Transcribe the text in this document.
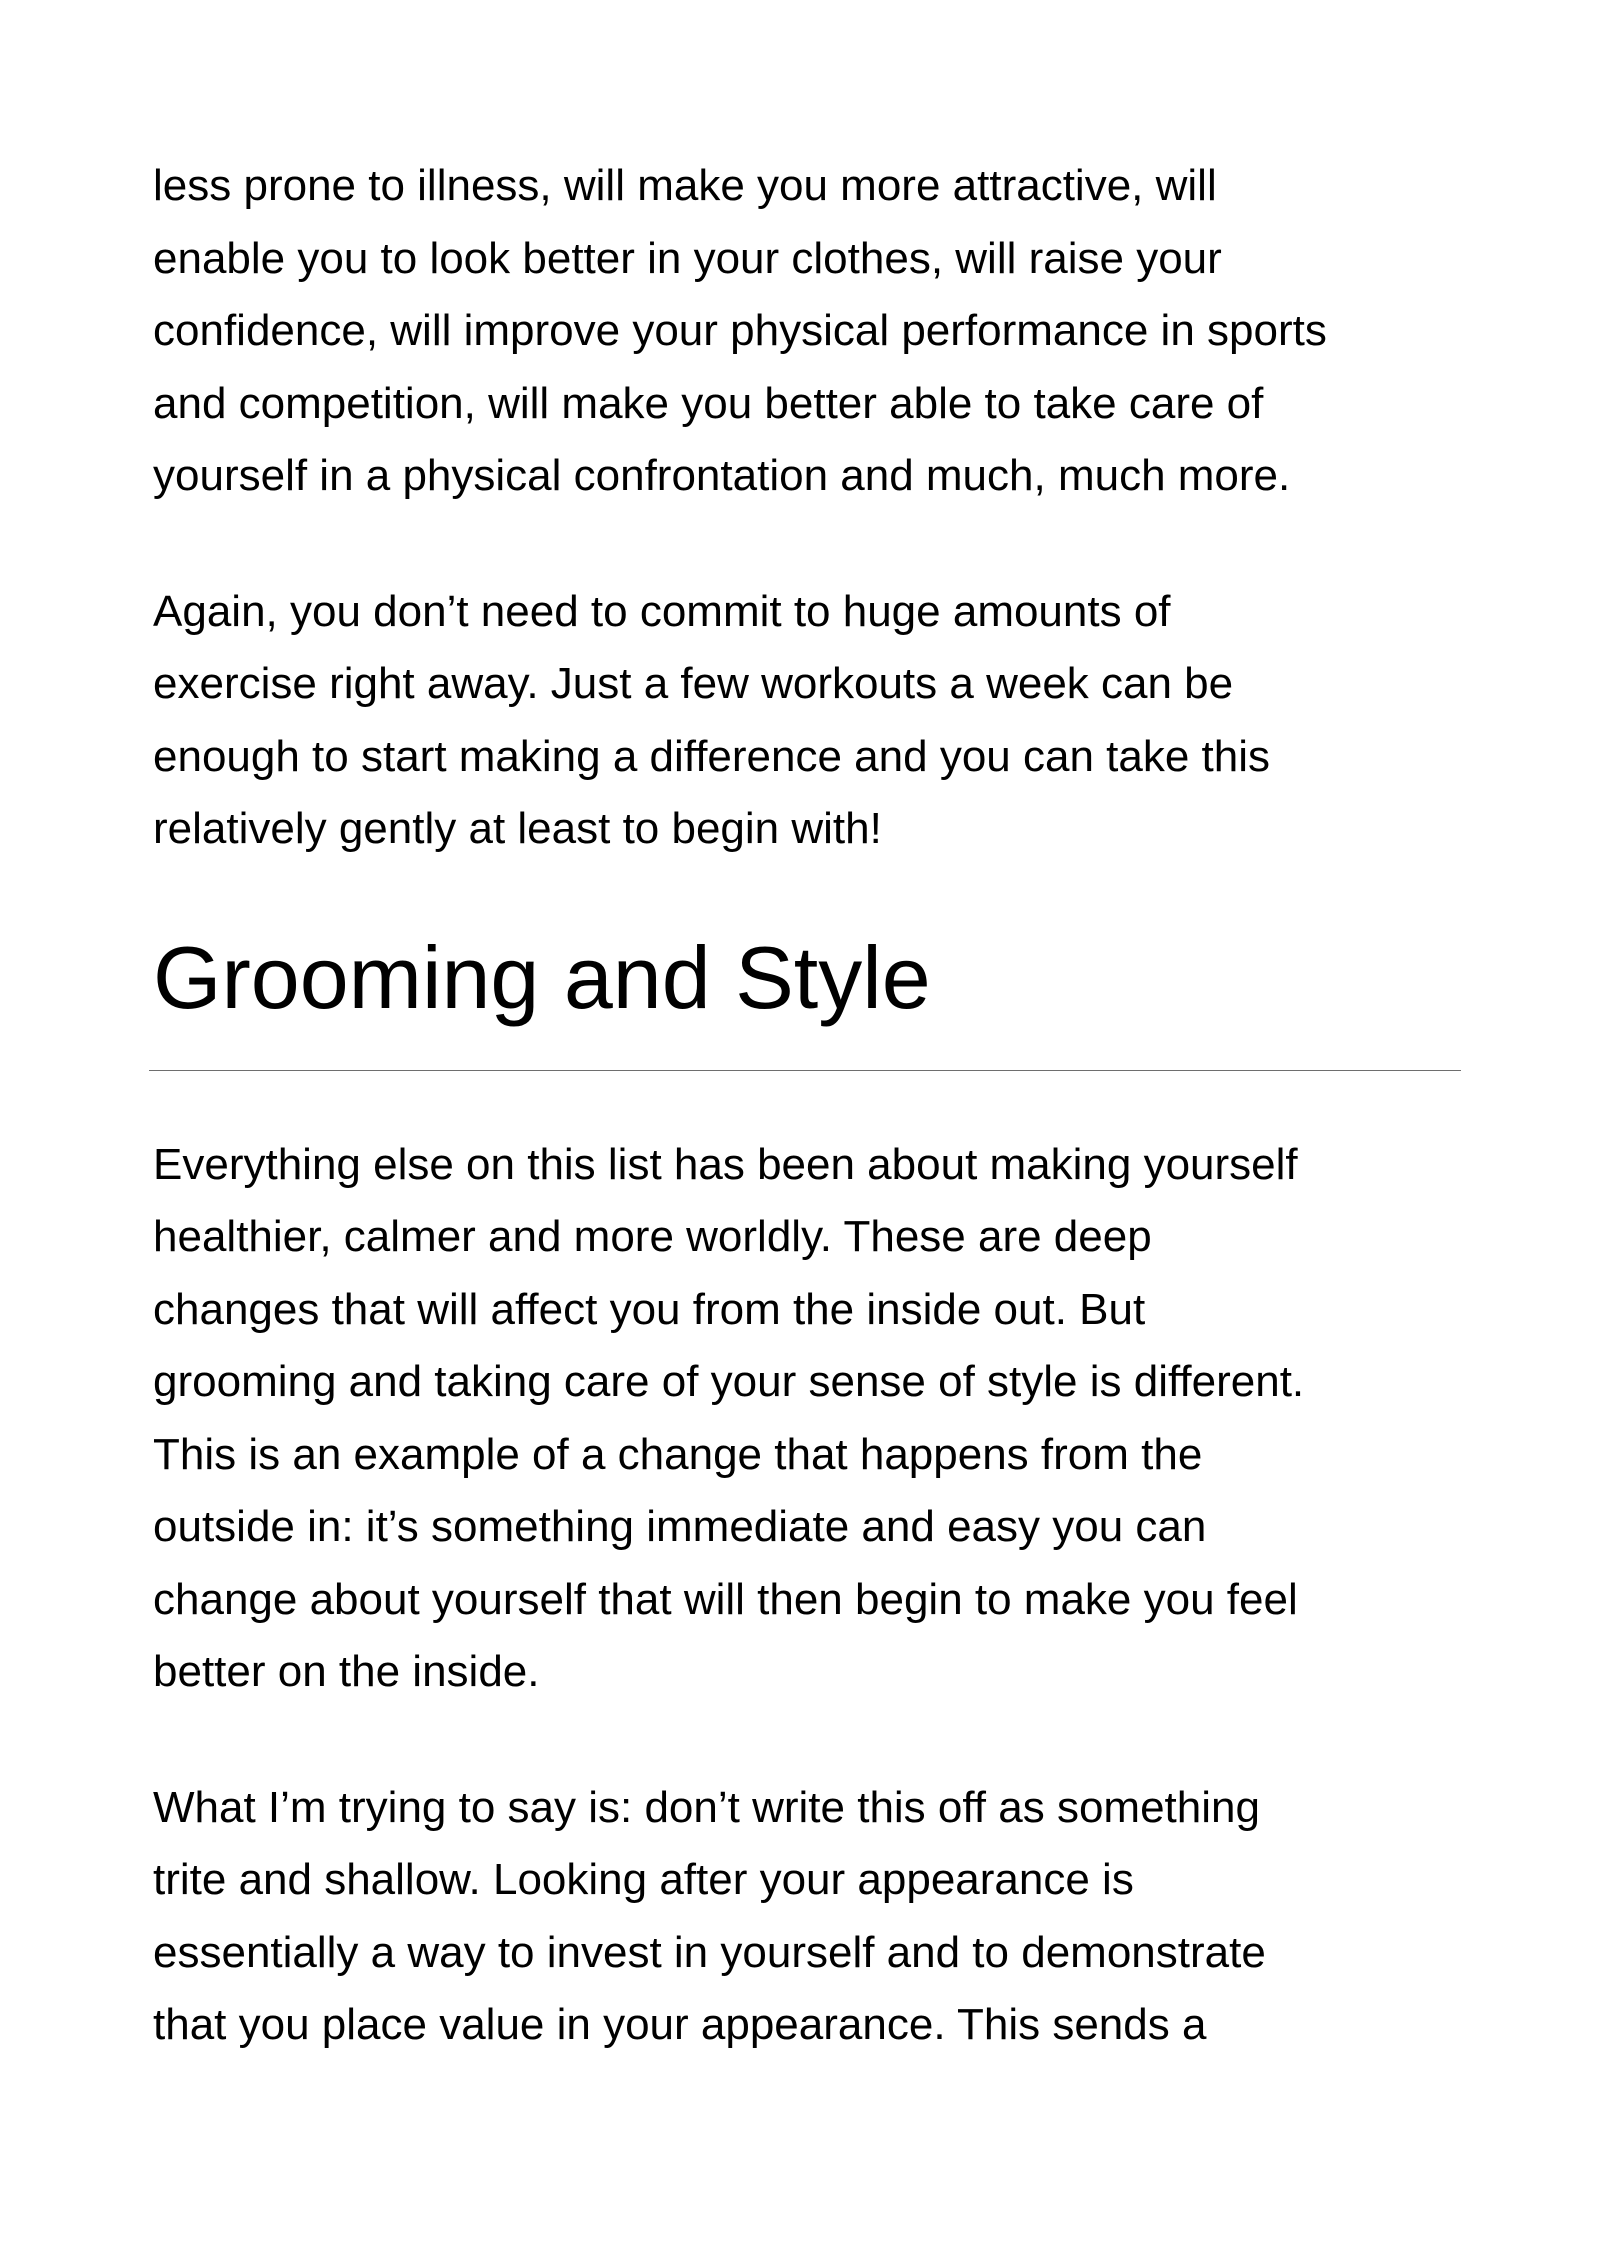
less prone to illness, will make you more attractive, will
enable you to look better in your clothes, will raise your
confidence, will improve your physical performance in sports
and competition, will make you better able to take care of
yourself in a physical confrontation and much, much more.

Again, you don’t need to commit to huge amounts of
exercise right away. Just a few workouts a week can be
enough to start making a difference and you can take this
relatively gently at least to begin with!

Grooming and Style

Everything else on this list has been about making yourself
healthier, calmer and more worldly. These are deep
changes that will affect you from the inside out. But
grooming and taking care of your sense of style is different.
This is an example of a change that happens from the
outside in: it’s something immediate and easy you can
change about yourself that will then begin to make you feel
better on the inside.

What I’m trying to say is: don’t write this off as something
trite and shallow. Looking after your appearance is
essentially a way to invest in yourself and to demonstrate
that you place value in your appearance. This sends a
